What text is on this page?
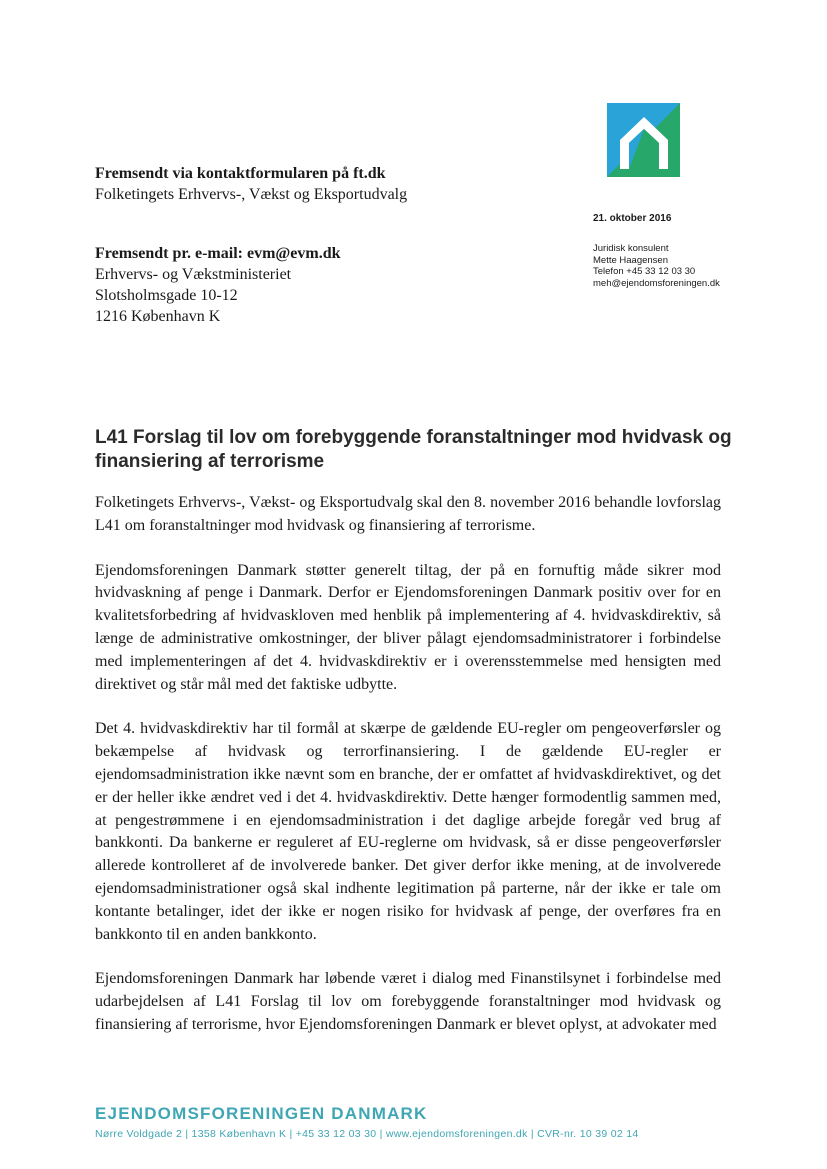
Fremsendt via kontaktformularen på ft.dk
Folketingets Erhvervs-, Vækst og Eksportudvalg
Fremsendt pr. e-mail: evm@evm.dk
Erhvervs- og Vækstministeriet
Slotsholmsgade 10-12
1216 København K
21. oktober 2016
Juridisk konsulent
Mette Haagensen
Telefon +45 33 12 03 30
meh@ejendomsforeningen.dk
L41 Forslag til lov om forebyggende foranstaltninger mod hvidvask og finansiering af terrorisme

Folketingets Erhvervs-, Vækst- og Eksportudvalg skal den 8. november 2016 behandle lovforslag L41 om foranstaltninger mod hvidvask og finansiering af terrorisme.

Ejendomsforeningen Danmark støtter generelt tiltag, der på en fornuftig måde sikrer mod hvidvaskning af penge i Danmark. Derfor er Ejendomsforeningen Danmark positiv over for en kvalitetsforbedring af hvidvaskloven med henblik på implementering af 4. hvidvaskdirektiv, så længe de administrative omkostninger, der bliver pålagt ejendomsadministratorer i forbindelse med implementeringen af det 4. hvidvaskdirektiv er i overensstemmelse med hensigten med direktivet og står mål med det faktiske udbytte.

Det 4. hvidvaskdirektiv har til formål at skærpe de gældende EU-regler om pengeoverførsler og bekæmpelse af hvidvask og terrorfinansiering. I de gældende EU-regler er ejendomsadministration ikke nævnt som en branche, der er omfattet af hvidvaskdirektivet, og det er der heller ikke ændret ved i det 4. hvidvaskdirektiv. Dette hænger formodentlig sammen med, at pengestrømmene i en ejendomsadministration i det daglige arbejde foregår ved brug af bankkonti. Da bankerne er reguleret af EU-reglerne om hvidvask, så er disse pengeoverførsler allerede kontrolleret af de involverede banker. Det giver derfor ikke mening, at de involverede ejendomsadministrationer også skal indhente legitimation på parterne, når der ikke er tale om kontante betalinger, idet der ikke er nogen risiko for hvidvask af penge, der overføres fra en bankkonto til en anden bankkonto.

Ejendomsforeningen Danmark har løbende været i dialog med Finanstilsynet i forbindelse med udarbejdelsen af L41 Forslag til lov om forebyggende foranstaltninger mod hvidvask og finansiering af terrorisme, hvor Ejendomsforeningen Danmark er blevet oplyst, at advokater med

EJENDOMSFORENINGEN DANMARK
Nørre Voldgade 2 | 1358 København K | +45 33 12 03 30 | www.ejendomsforeningen.dk | CVR-nr. 10 39 02 14
